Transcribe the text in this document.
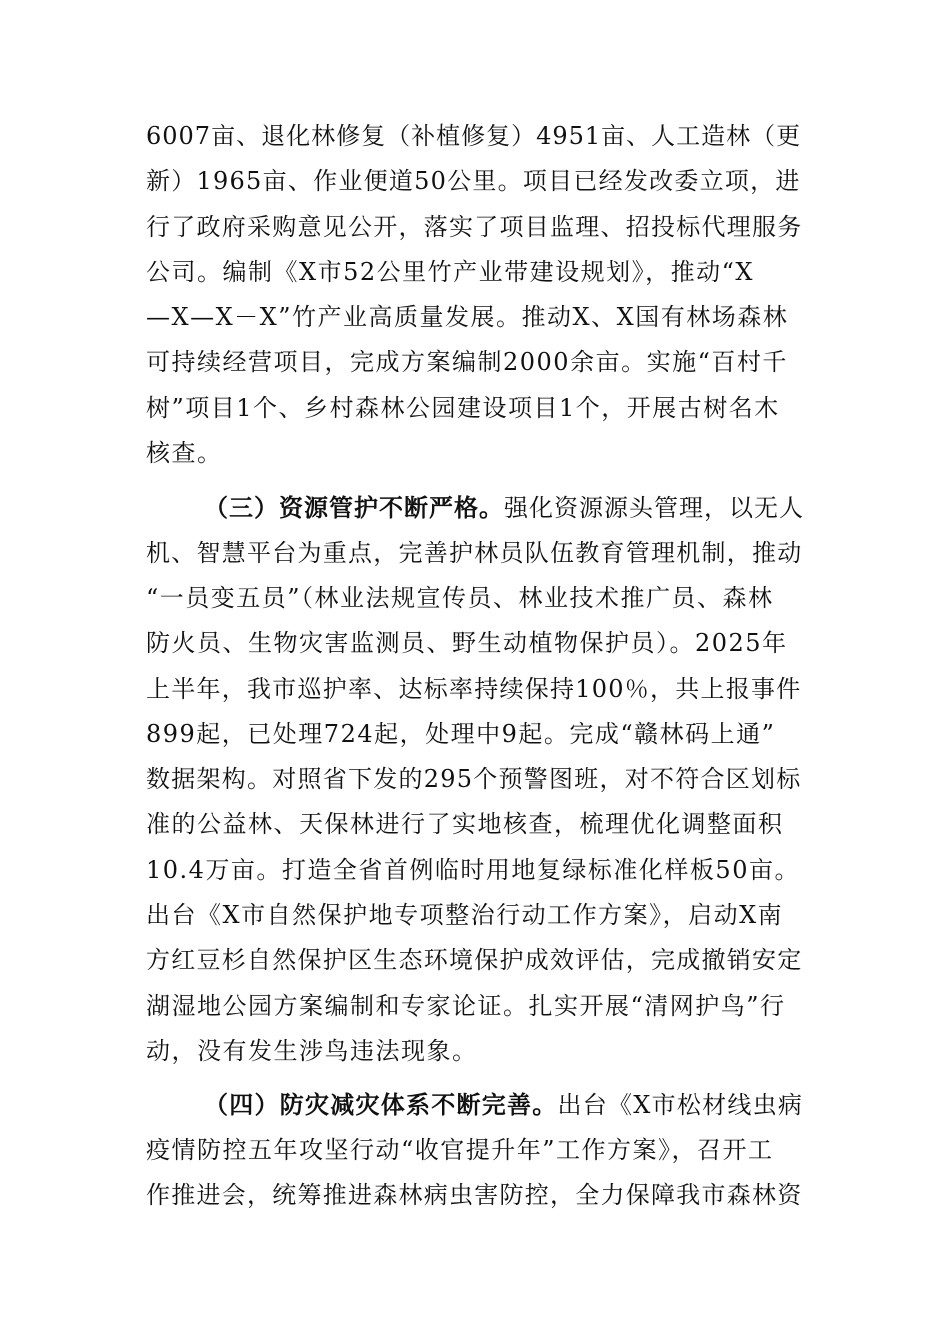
6007亩、退化林修复（补植修复）4951亩、人工造林（更
新）1965亩、作业便道50公里。项目已经发改委立项，进
行了政府采购意见公开，落实了项目监理、招投标代理服务
公司。编制《X市52公里竹产业带建设规划》，推动“X
—X—X－X”竹产业高质量发展。推动X、X国有林场森林
可持续经营项目，完成方案编制2000余亩。实施“百村千
树”项目1个、乡村森林公园建设项目1个，开展古树名木
核查。
（三）资源管护不断严格。强化资源源头管理，以无人
机、智慧平台为重点，完善护林员队伍教育管理机制，推动
“一员变五员”（林业法规宣传员、林业技术推广员、森林
防火员、生物灾害监测员、野生动植物保护员）。2025年
上半年，我市巡护率、达标率持续保持100％，共上报事件
899起，已处理724起，处理中9起。完成“赣林码上通”
数据架构。对照省下发的295个预警图班，对不符合区划标
准的公益林、天保林进行了实地核查，梳理优化调整面积
10.4万亩。打造全省首例临时用地复绿标准化样板50亩。
出台《X市自然保护地专项整治行动工作方案》，启动X南
方红豆杉自然保护区生态环境保护成效评估，完成撤销安定
湖湿地公园方案编制和专家论证。扎实开展“清网护鸟”行
动，没有发生涉鸟违法现象。
（四）防灾减灾体系不断完善。出台《X市松材线虫病
疫情防控五年攻坚行动“收官提升年”工作方案》，召开工
作推进会，统筹推进森林病虫害防控，全力保障我市森林资
